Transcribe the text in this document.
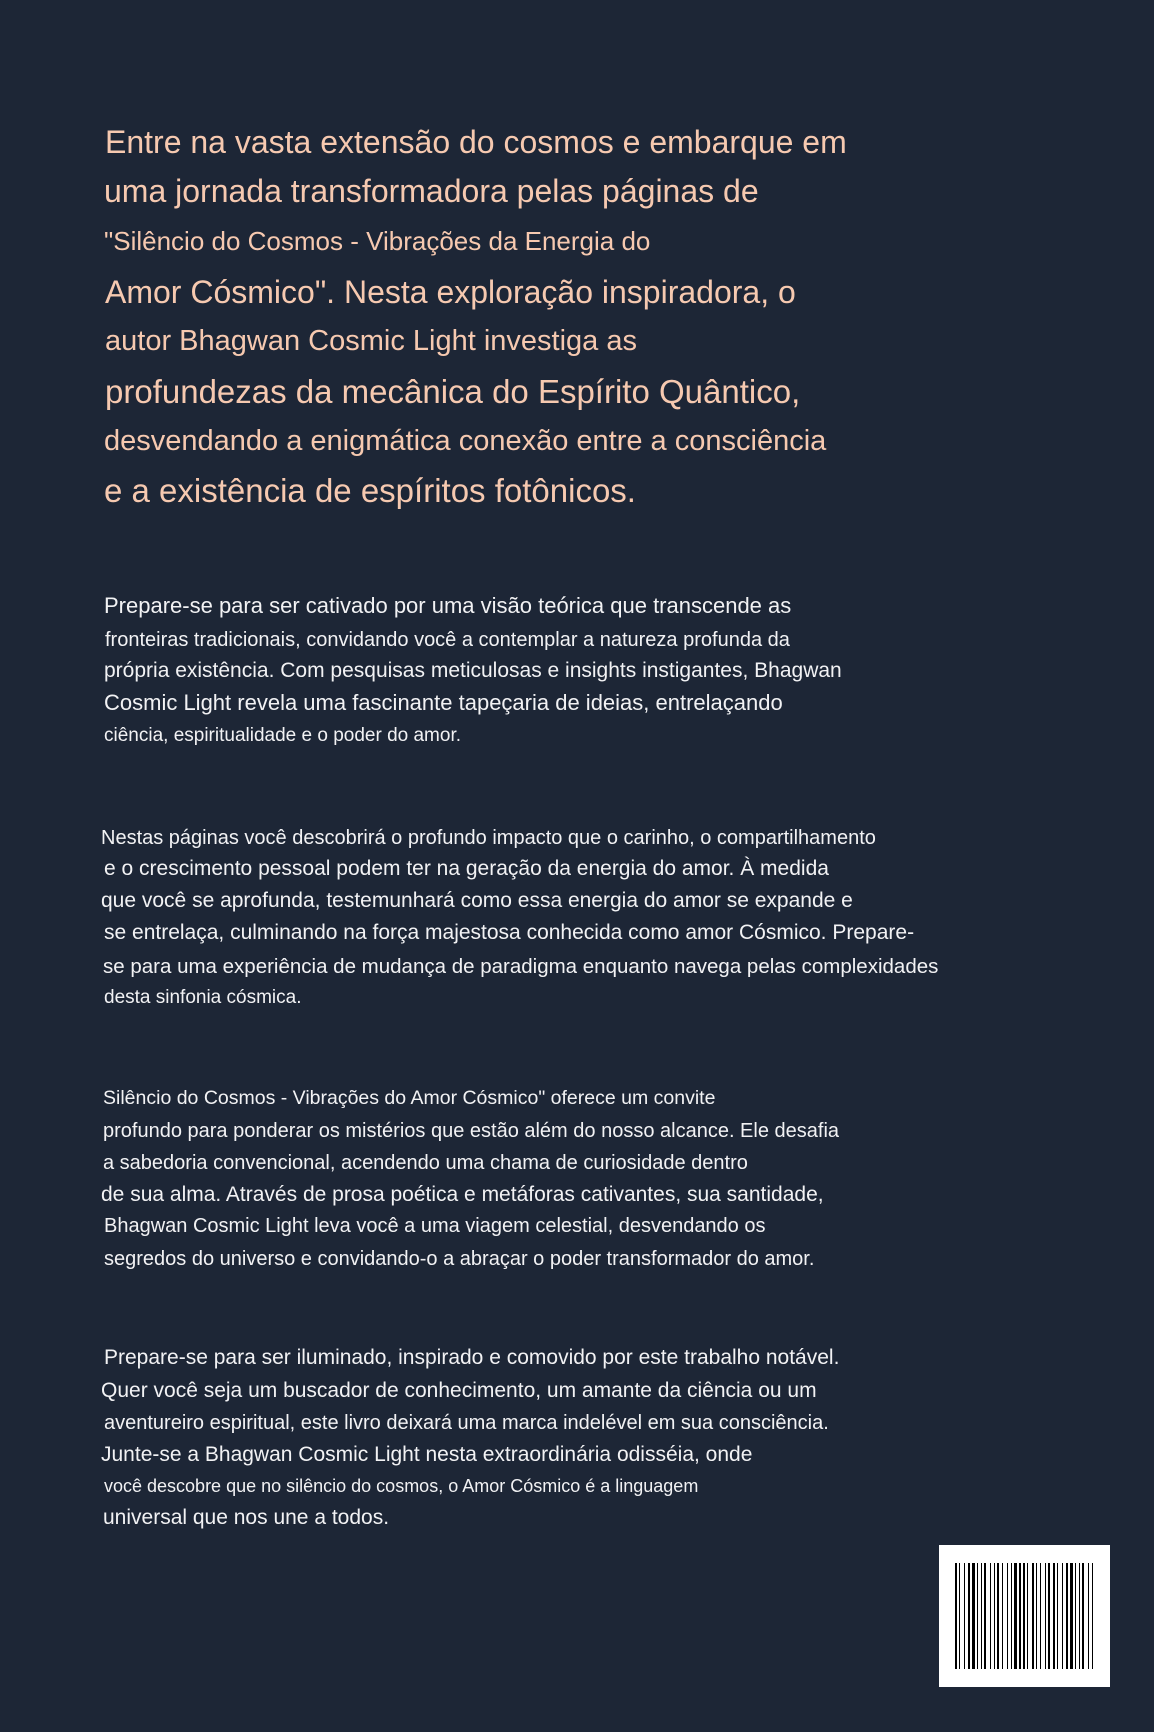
Entre na vasta extensão do cosmos e embarque em
uma jornada transformadora pelas páginas de
"Silêncio do Cosmos - Vibrações da Energia do
Amor Cósmico". Nesta exploração inspiradora, o
autor Bhagwan Cosmic Light investiga as
profundezas da mecânica do Espírito Quântico,
desvendando a enigmática conexão entre a consciência
e a existência de espíritos fotônicos.
Prepare-se para ser cativado por uma visão teórica que transcende as
fronteiras tradicionais, convidando você a contemplar a natureza profunda da
própria existência. Com pesquisas meticulosas e insights instigantes, Bhagwan
Cosmic Light revela uma fascinante tapeçaria de ideias, entrelaçando
ciência, espiritualidade e o poder do amor.
Nestas páginas você descobrirá o profundo impacto que o carinho, o compartilhamento
e o crescimento pessoal podem ter na geração da energia do amor. À medida
que você se aprofunda, testemunhará como essa energia do amor se expande e
se entrelaça, culminando na força majestosa conhecida como amor Cósmico. Prepare-
se para uma experiência de mudança de paradigma enquanto navega pelas complexidades
desta sinfonia cósmica.
Silêncio do Cosmos - Vibrações do Amor Cósmico" oferece um convite
profundo para ponderar os mistérios que estão além do nosso alcance. Ele desafia
a sabedoria convencional, acendendo uma chama de curiosidade dentro
de sua alma. Através de prosa poética e metáforas cativantes, sua santidade,
Bhagwan Cosmic Light leva você a uma viagem celestial, desvendando os
segredos do universo e convidando-o a abraçar o poder transformador do amor.
Prepare-se para ser iluminado, inspirado e comovido por este trabalho notável.
Quer você seja um buscador de conhecimento, um amante da ciência ou um
aventureiro espiritual, este livro deixará uma marca indelével em sua consciência.
Junte-se a Bhagwan Cosmic Light nesta extraordinária odisséia, onde
você descobre que no silêncio do cosmos, o Amor Cósmico é a linguagem
universal que nos une a todos.
